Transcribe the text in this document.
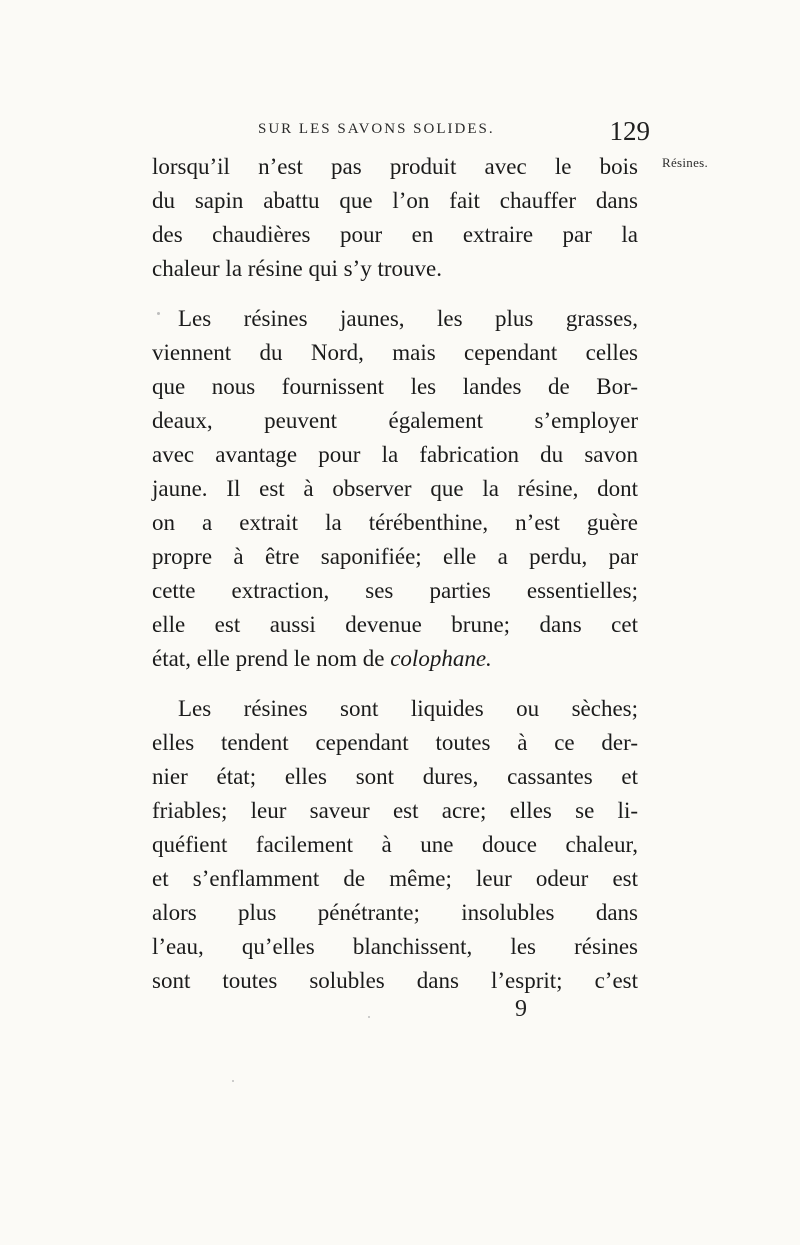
SUR LES SAVONS SOLIDES.	129
Résines.
lorsqu’il n’est pas produit avec le bois
du sapin abattu que l’on fait chauffer dans
des chaudières pour en extraire par la
chaleur la résine qui s’y trouve.
Les résines jaunes, les plus grasses,
viennent du Nord, mais cependant celles
que nous fournissent les landes de Bor-
deaux, peuvent également s’employer
avec avantage pour la fabrication du savon
jaune. Il est à observer que la résine, dont
on a extrait la térébenthine, n’est guère
propre à être saponifiée; elle a perdu, par
cette extraction, ses parties essentielles;
elle est aussi devenue brune; dans cet
état, elle prend le nom de colophane.
Les résines sont liquides ou sèches;
elles tendent cependant toutes à ce der-
nier état; elles sont dures, cassantes et
friables; leur saveur est acre; elles se li-
quéfient facilement à une douce chaleur,
et s’enflamment de même; leur odeur est
alors plus pénétrante; insolubles dans
l’eau, qu’elles blanchissent, les résines
sont toutes solubles dans l’esprit; c’est
9
